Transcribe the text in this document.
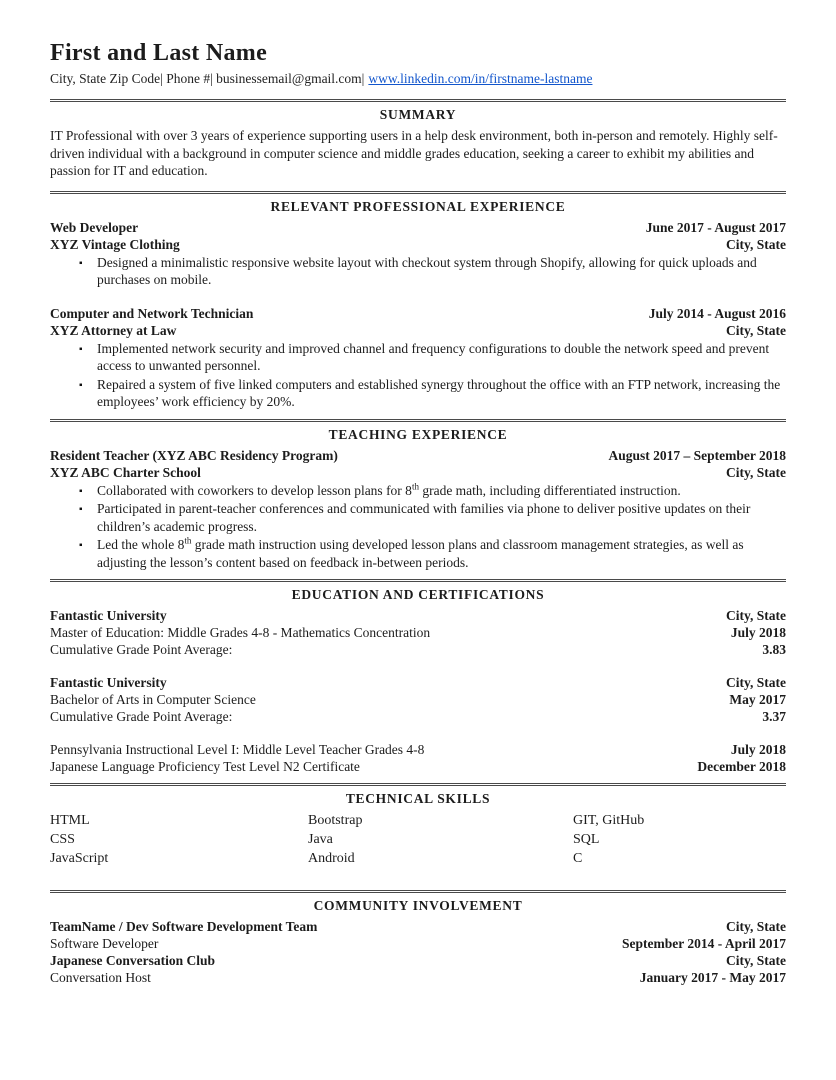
First and Last Name

City, State Zip Code| Phone #| businessemail@gmail.com| www.linkedin.com/in/firstname-lastname

SUMMARY

IT Professional with over 3 years of experience supporting users in a help desk environment, both in-person and remotely. Highly self-driven individual with a background in computer science and middle grades education, seeking a career to exhibit my abilities and passion for IT and education.

RELEVANT PROFESSIONAL EXPERIENCE
Web Developer	June 2017 - August 2017
XYZ Vintage Clothing	City, State
▪ Designed a minimalistic responsive website layout with checkout system through Shopify, allowing for quick uploads and purchases on mobile.
Computer and Network Technician	July 2014 - August 2016
XYZ Attorney at Law	City, State
▪ Implemented network security and improved channel and frequency configurations to double the network speed and prevent access to unwanted personnel.
▪ Repaired a system of five linked computers and established synergy throughout the office with an FTP network, increasing the employees’ work efficiency by 20%.
TEACHING EXPERIENCE
Resident Teacher (XYZ ABC Residency Program)	August 2017 – September 2018
XYZ ABC Charter School	City, State
▪ Collaborated with coworkers to develop lesson plans for 8th grade math, including differentiated instruction.
▪ Participated in parent-teacher conferences and communicated with families via phone to deliver positive updates on their children’s academic progress.
▪ Led the whole 8th grade math instruction using developed lesson plans and classroom management strategies, as well as adjusting the lesson’s content based on feedback in-between periods.
EDUCATION AND CERTIFICATIONS
Fantastic University	City, State
Master of Education: Middle Grades 4-8 - Mathematics Concentration	July 2018
Cumulative Grade Point Average:	3.83
Fantastic University	City, State
Bachelor of Arts in Computer Science	May 2017
Cumulative Grade Point Average:	3.37
Pennsylvania Instructional Level I: Middle Level Teacher Grades 4-8	July 2018
Japanese Language Proficiency Test Level N2 Certificate	December 2018
TECHNICAL SKILLS
HTML	Bootstrap	GIT, GitHub
CSS	Java	SQL
JavaScript	Android	C
COMMUNITY INVOLVEMENT
TeamName / Dev Software Development Team	City, State
Software Developer	September 2014 - April 2017
Japanese Conversation Club	City, State
Conversation Host	January 2017 - May 2017
